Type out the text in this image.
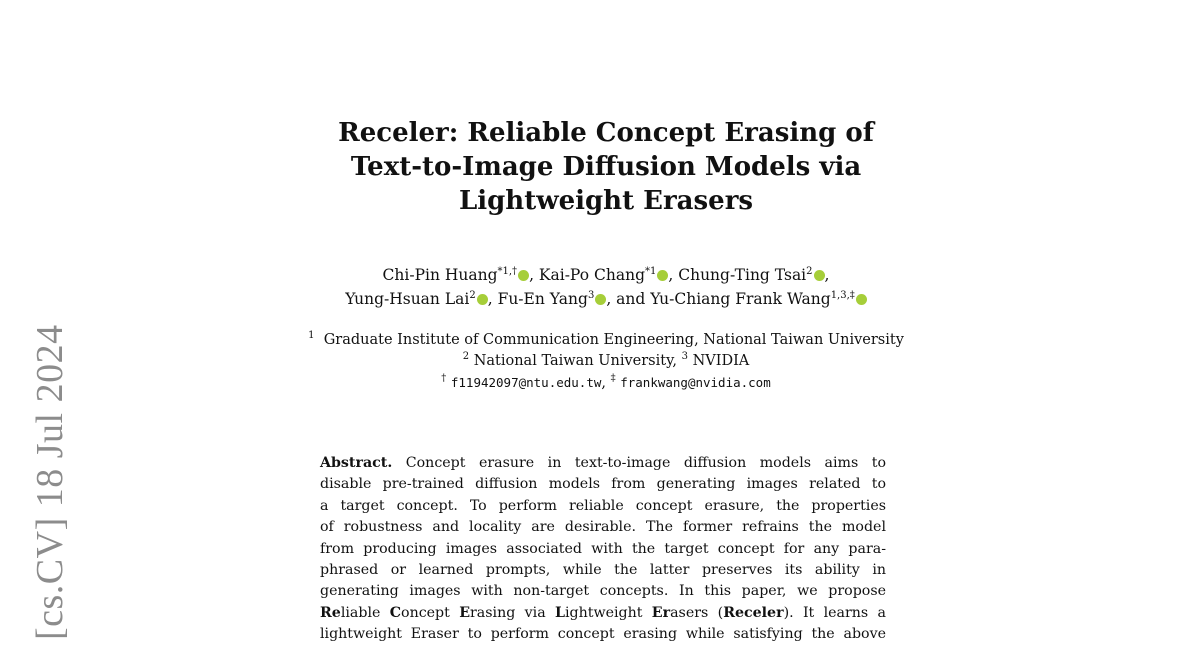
[cs.CV] 18 Jul 2024
Receler: Reliable Concept Erasing of
Text-to-Image Diffusion Models via
Lightweight Erasers
Chi-Pin Huang$^{*1,\dagger}$ , Kai-Po Chang$^{*1}$ , Chung-Ting Tsai$^2$ ,
Yung-Hsuan Lai$^2$ , Fu-En Yang$^3$ , and Yu-Chiang Frank Wang$^{1,3,\ddagger}$
$^1$ Graduate Institute of Communication Engineering, National Taiwan University
$^2$ National Taiwan University, $^3$ NVIDIA
† f11942097@ntu.edu.tw, ‡ frankwang@nvidia.com
Abstract. Concept erasure in text-to-image diffusion models aims to
disable pre-trained diffusion models from generating images related to
a target concept. To perform reliable concept erasure, the properties
of robustness and locality are desirable. The former refrains the model
from producing images associated with the target concept for any para-
phrased or learned prompts, while the latter preserves its ability in
generating images with non-target concepts. In this paper, we propose
Reliable Concept Erasing via Lightweight Erasers (Receler). It learns a
lightweight Eraser to perform concept erasing while satisfying the above
